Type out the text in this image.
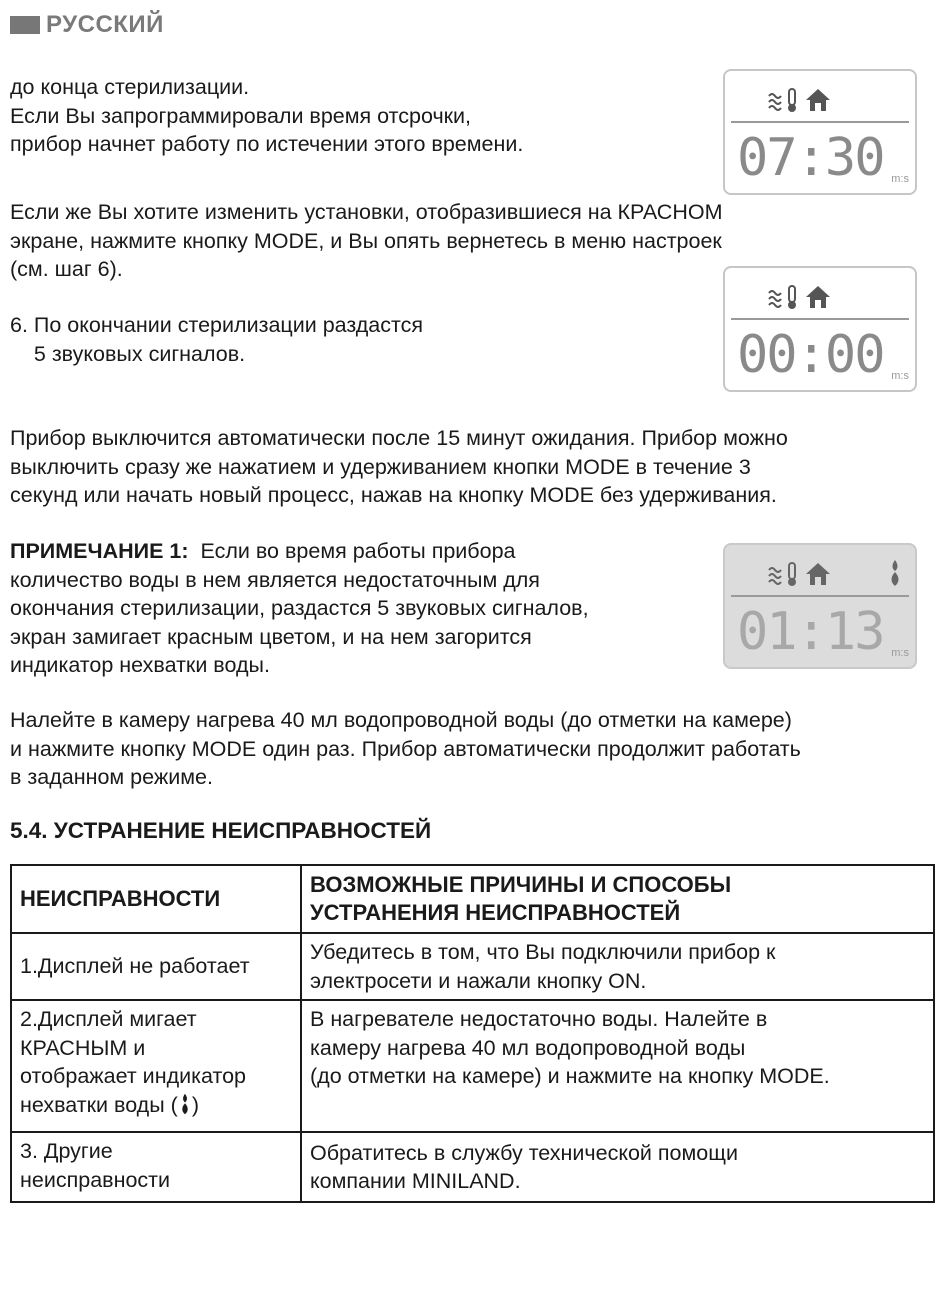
РУССКИЙ
до конца стерилизации.
Если Вы запрограммировали время отсрочки,
прибор начнет работу по истечении этого времени.
Если же Вы хотите изменить установки, отобразившиеся на КРАСНОМ
экране, нажмите кнопку MODE, и Вы опять вернетесь в меню настроек
(см. шаг 6).
6. По окончании стерилизации раздастся
5 звуковых сигналов.
Прибор выключится автоматически после 15 минут ожидания. Прибор можно
выключить сразу же нажатием и удерживанием кнопки MODE в течение 3
секунд или начать новый процесс, нажав на кнопку MODE без удерживания.
ПРИМЕЧАНИЕ 1:  Если во время работы прибора
количество воды в нем является недостаточным для
окончания стерилизации, раздастся 5 звуковых сигналов,
экран замигает красным цветом, и на нем загорится
индикатор нехватки воды.
Налейте в камеру нагрева 40 мл водопроводной воды (до отметки на камере)
и нажмите кнопку MODE один раз. Прибор автоматически продолжит работать
в заданном режиме.
07:30 m:s
00:00 m:s
01:13 m:s
5.4. УСТРАНЕНИЕ НЕИСПРАВНОСТЕЙ
НЕИСПРАВНОСТИ	ВОЗМОЖНЫЕ ПРИЧИНЫ И СПОСОБЫ
УСТРАНЕНИЯ НЕИСПРАВНОСТЕЙ
1.Дисплей не работает	Убедитесь в том, что Вы подключили прибор к
электросети и нажали кнопку ON.
2.Дисплей мигает
КРАСНЫМ и
отображает индикатор
нехватки воды ( )	В нагревателе недостаточно воды. Налейте в
камеру нагрева 40 мл водопроводной воды
(до отметки на камере) и нажмите на кнопку MODE.
3. Другие
неисправности	Обратитесь в службу технической помощи
компании MINILAND.
